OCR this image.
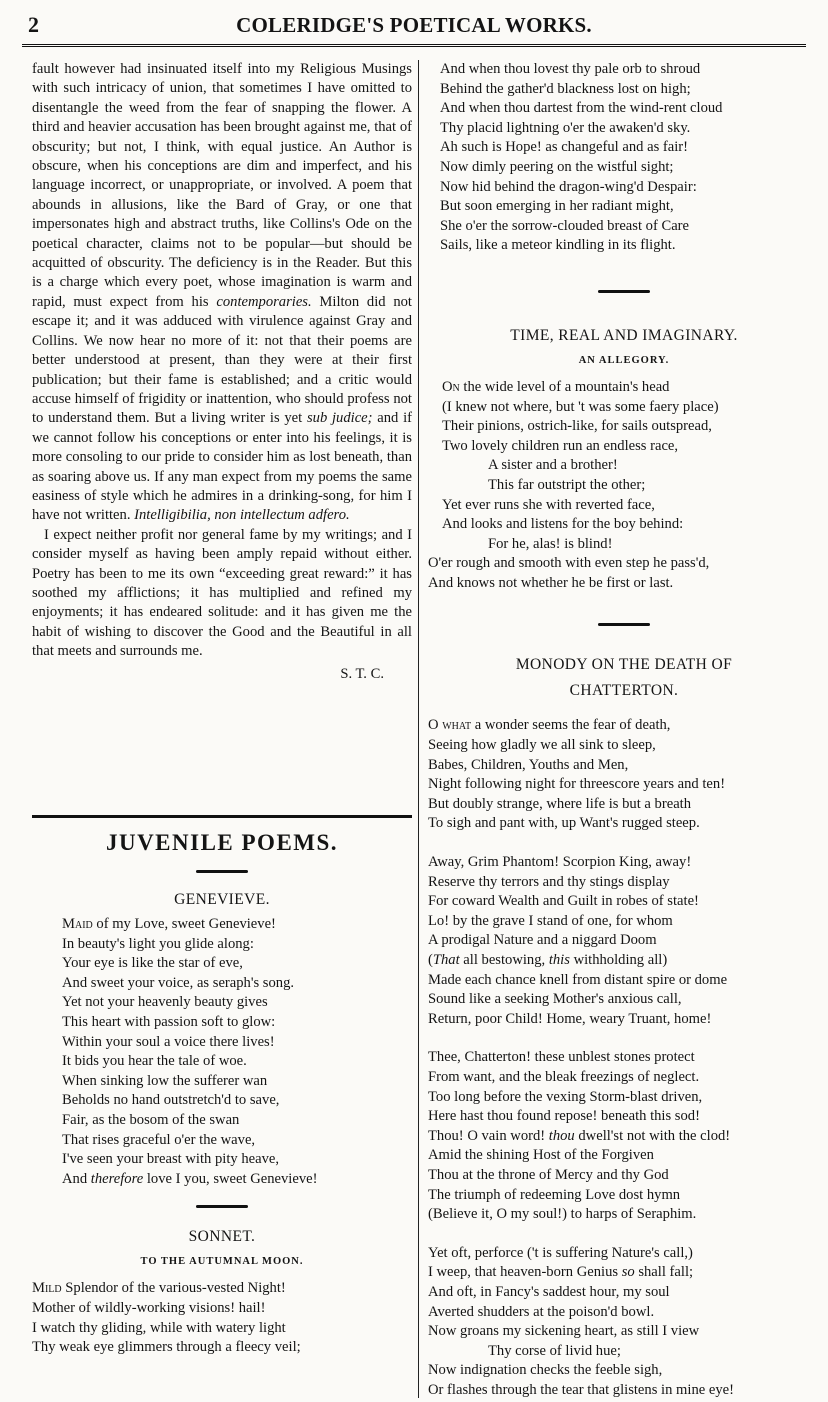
2	COLERIDGE'S POETICAL WORKS.

fault however had insinuated itself into my Religious Musings with such intricacy of union, that sometimes I have omitted to disentangle the weed from the fear of snapping the flower. A third and heavier accusation has been brought against me, that of obscurity; but not, I think, with equal justice. An Author is obscure, when his conceptions are dim and imperfect, and his language incorrect, or unappropriate, or involved. A poem that abounds in allusions, like the Bard of Gray, or one that impersonates high and abstract truths, like Collins's Ode on the poetical character, claims not to be popular—but should be acquitted of obscurity. The deficiency is in the Reader. But this is a charge which every poet, whose imagination is warm and rapid, must expect from his contemporaries. Milton did not escape it; and it was adduced with virulence against Gray and Collins. We now hear no more of it: not that their poems are better understood at present, than they were at their first publication; but their fame is established; and a critic would accuse himself of frigidity or inattention, who should profess not to understand them. But a living writer is yet sub judice; and if we cannot follow his conceptions or enter into his feelings, it is more consoling to our pride to consider him as lost beneath, than as soaring above us. If any man expect from my poems the same easiness of style which he admires in a drinking-song, for him I have not written. Intelligibilia, non intellectum adfero.

I expect neither profit nor general fame by my writings; and I consider myself as having been amply repaid without either. Poetry has been to me its own “exceeding great reward:” it has soothed my afflictions; it has multiplied and refined my enjoyments; it has endeared solitude: and it has given me the habit of wishing to discover the Good and the Beautiful in all that meets and surrounds me.

S. T. C.
JUVENILE POEMS.
GENEVIEVE.
Maid of my Love, sweet Genevieve!
In beauty's light you glide along:
Your eye is like the star of eve,
And sweet your voice, as seraph's song.
Yet not your heavenly beauty gives
This heart with passion soft to glow:
Within your soul a voice there lives!
It bids you hear the tale of woe.
When sinking low the sufferer wan
Beholds no hand outstretch'd to save,
Fair, as the bosom of the swan
That rises graceful o'er the wave,
I've seen your breast with pity heave,
And therefore love I you, sweet Genevieve!
SONNET.
TO THE AUTUMNAL MOON.
Mild Splendor of the various-vested Night!
Mother of wildly-working visions! hail!
I watch thy gliding, while with watery light
Thy weak eye glimmers through a fleecy veil;
And when thou lovest thy pale orb to shroud
Behind the gather'd blackness lost on high;
And when thou dartest from the wind-rent cloud
Thy placid lightning o'er the awaken'd sky.
Ah such is Hope! as changeful and as fair!
Now dimly peering on the wistful sight;
Now hid behind the dragon-wing'd Despair:
But soon emerging in her radiant might,
She o'er the sorrow-clouded breast of Care
Sails, like a meteor kindling in its flight.
TIME, REAL AND IMAGINARY.
AN ALLEGORY.
On the wide level of a mountain's head
(I knew not where, but 't was some faery place)
Their pinions, ostrich-like, for sails outspread,
Two lovely children run an endless race,
A sister and a brother!
This far outstript the other;
Yet ever runs she with reverted face,
And looks and listens for the boy behind:
For he, alas! is blind!
O'er rough and smooth with even step he pass'd,
And knows not whether he be first or last.
MONODY ON THE DEATH OF
CHATTERTON.
O what a wonder seems the fear of death,
Seeing how gladly we all sink to sleep,
Babes, Children, Youths and Men,
Night following night for threescore years and ten!
But doubly strange, where life is but a breath
To sigh and pant with, up Want's rugged steep.
Away, Grim Phantom! Scorpion King, away!
Reserve thy terrors and thy stings display
For coward Wealth and Guilt in robes of state!
Lo! by the grave I stand of one, for whom
A prodigal Nature and a niggard Doom
(That all bestowing, this withholding all)
Made each chance knell from distant spire or dome
Sound like a seeking Mother's anxious call,
Return, poor Child! Home, weary Truant, home!
Thee, Chatterton! these unblest stones protect
From want, and the bleak freezings of neglect.
Too long before the vexing Storm-blast driven,
Here hast thou found repose! beneath this sod!
Thou! O vain word! thou dwell'st not with the clod!
Amid the shining Host of the Forgiven
Thou at the throne of Mercy and thy God
The triumph of redeeming Love dost hymn
(Believe it, O my soul!) to harps of Seraphim.
Yet oft, perforce ('t is suffering Nature's call,)
I weep, that heaven-born Genius so shall fall;
And oft, in Fancy's saddest hour, my soul
Averted shudders at the poison'd bowl.
Now groans my sickening heart, as still I view
Thy corse of livid hue;
Now indignation checks the feeble sigh,
Or flashes through the tear that glistens in mine eye!
